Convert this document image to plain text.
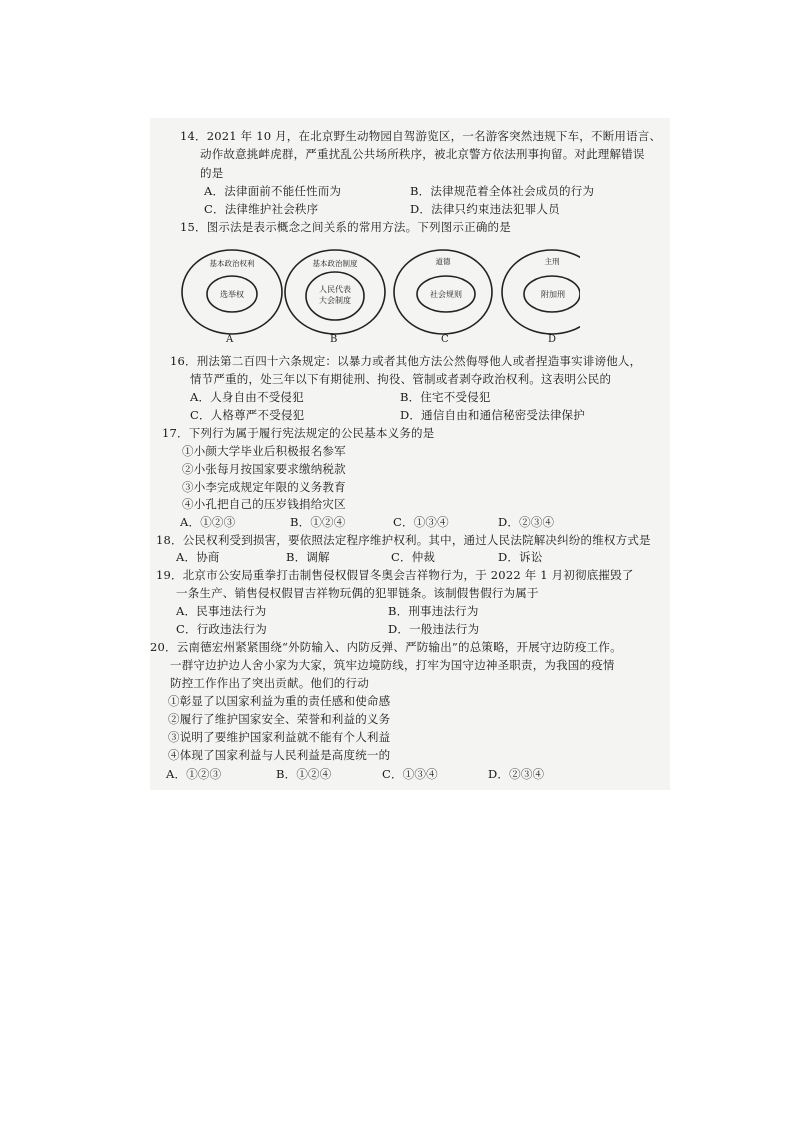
14．2021 年 10 月，在北京野生动物园自驾游览区，一名游客突然违规下车，不断用语言、
动作故意挑衅虎群，严重扰乱公共场所秩序，被北京警方依法刑事拘留。对此理解错误
的是
A．法律面前不能任性而为	B．法律规范着全体社会成员的行为
C．法律维护社会秩序	D．法律只约束违法犯罪人员
15．图示法是表示概念之间关系的常用方法。下列图示正确的是
基本政治权利
选举权
A
基本政治制度
人民代表
大会制度
B
道德
社会规则
C
主刑
附加刑
D
16．刑法第二百四十六条规定：以暴力或者其他方法公然侮辱他人或者捏造事实诽谤他人，
情节严重的，处三年以下有期徒刑、拘役、管制或者剥夺政治权利。这表明公民的
A．人身自由不受侵犯	B．住宅不受侵犯
C．人格尊严不受侵犯	D．通信自由和通信秘密受法律保护
17．下列行为属于履行宪法规定的公民基本义务的是
①小颜大学毕业后积极报名参军
②小张每月按国家要求缴纳税款
③小李完成规定年限的义务教育
④小孔把自己的压岁钱捐给灾区
A．①②③	B．①②④	C．①③④	D．②③④
18．公民权利受到损害，要依照法定程序维护权利。其中，通过人民法院解决纠纷的维权方式是
A．协商	B．调解	C．仲裁	D．诉讼
19．北京市公安局重拳打击制售侵权假冒冬奥会吉祥物行为，于 2022 年 1 月初彻底摧毁了
一条生产、销售侵权假冒吉祥物玩偶的犯罪链条。该制假售假行为属于
A．民事违法行为	B．刑事违法行为
C．行政违法行为	D．一般违法行为
20．云南德宏州紧紧围绕“外防输入、内防反弹、严防输出”的总策略，开展守边防疫工作。
一群守边护边人舍小家为大家，筑牢边境防线，打牢为国守边神圣职责，为我国的疫情
防控工作作出了突出贡献。他们的行动
①彰显了以国家利益为重的责任感和使命感
②履行了维护国家安全、荣誉和利益的义务
③说明了要维护国家利益就不能有个人利益
④体现了国家利益与人民利益是高度统一的
A．①②③	B．①②④	C．①③④	D．②③④
